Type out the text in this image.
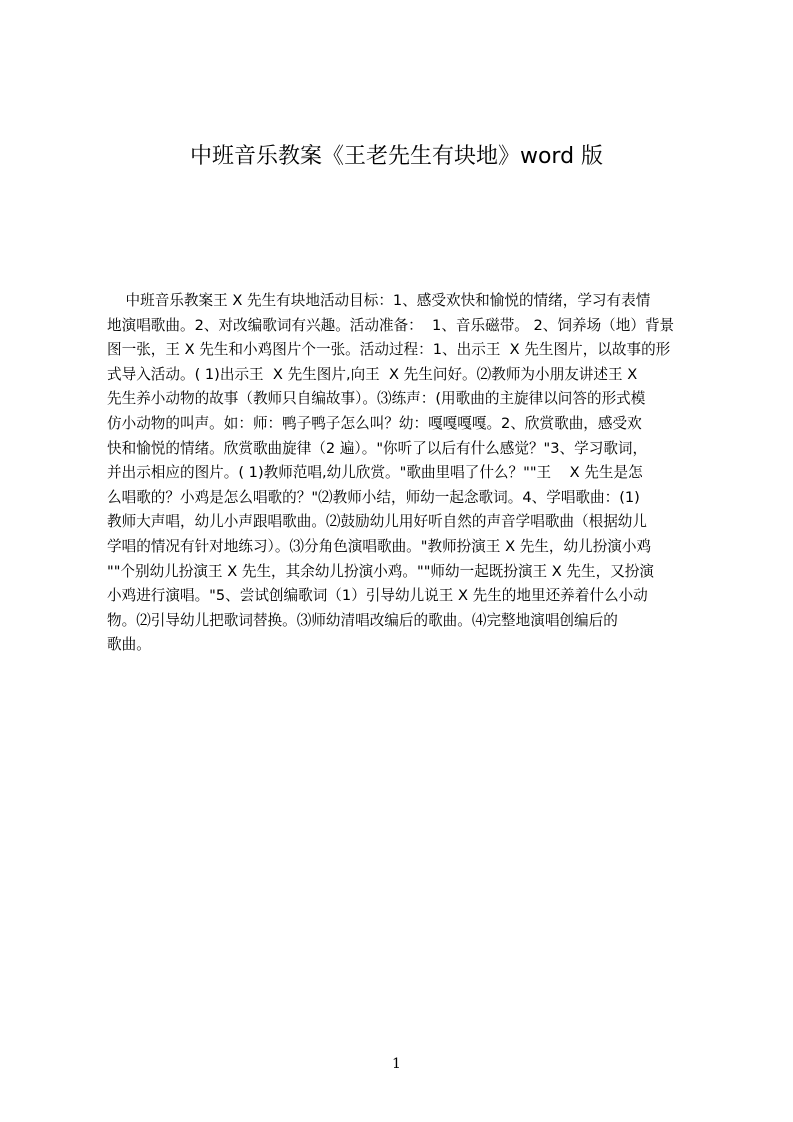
中班音乐教案《王老先生有块地》word 版
中班音乐教案王 X 先生有块地活动目标：1、感受欢快和愉悦的情绪，学习有表情
地演唱歌曲。2、对改编歌词有兴趣。活动准备：  1、音乐磁带。 2、饲养场（地）背景
图一张，王 X 先生和小鸡图片个一张。活动过程：1、出示王  X 先生图片，以故事的形
式导入活动。( 1)出示王  X 先生图片,向王  X 先生问好。⑵教师为小朋友讲述王 X
先生养小动物的故事（教师只自编故事）。⑶练声：(用歌曲的主旋律以问答的形式模
仿小动物的叫声。如：师：鸭子鸭子怎么叫？幼：嘎嘎嘎嘎。2、欣赏歌曲，感受欢
快和愉悦的情绪。欣赏歌曲旋律（2 遍）。"你听了以后有什么感觉？"3、学习歌词，
并出示相应的图片。( 1)教师范唱,幼儿欣赏。"歌曲里唱了什么？""王    X 先生是怎
么唱歌的？小鸡是怎么唱歌的？"⑵教师小结，师幼一起念歌词。4、学唱歌曲：(1)
教师大声唱，幼儿小声跟唱歌曲。⑵鼓励幼儿用好听自然的声音学唱歌曲（根据幼儿
学唱的情况有针对地练习）。⑶分角色演唱歌曲。"教师扮演王 X 先生，幼儿扮演小鸡
""个别幼儿扮演王 X 先生，其余幼儿扮演小鸡。""师幼一起既扮演王 X 先生，又扮演
小鸡进行演唱。"5、尝试创编歌词（1）引导幼儿说王 X 先生的地里还养着什么小动
物。⑵引导幼儿把歌词替换。⑶师幼清唱改编后的歌曲。⑷完整地演唱创编后的
歌曲。
1
